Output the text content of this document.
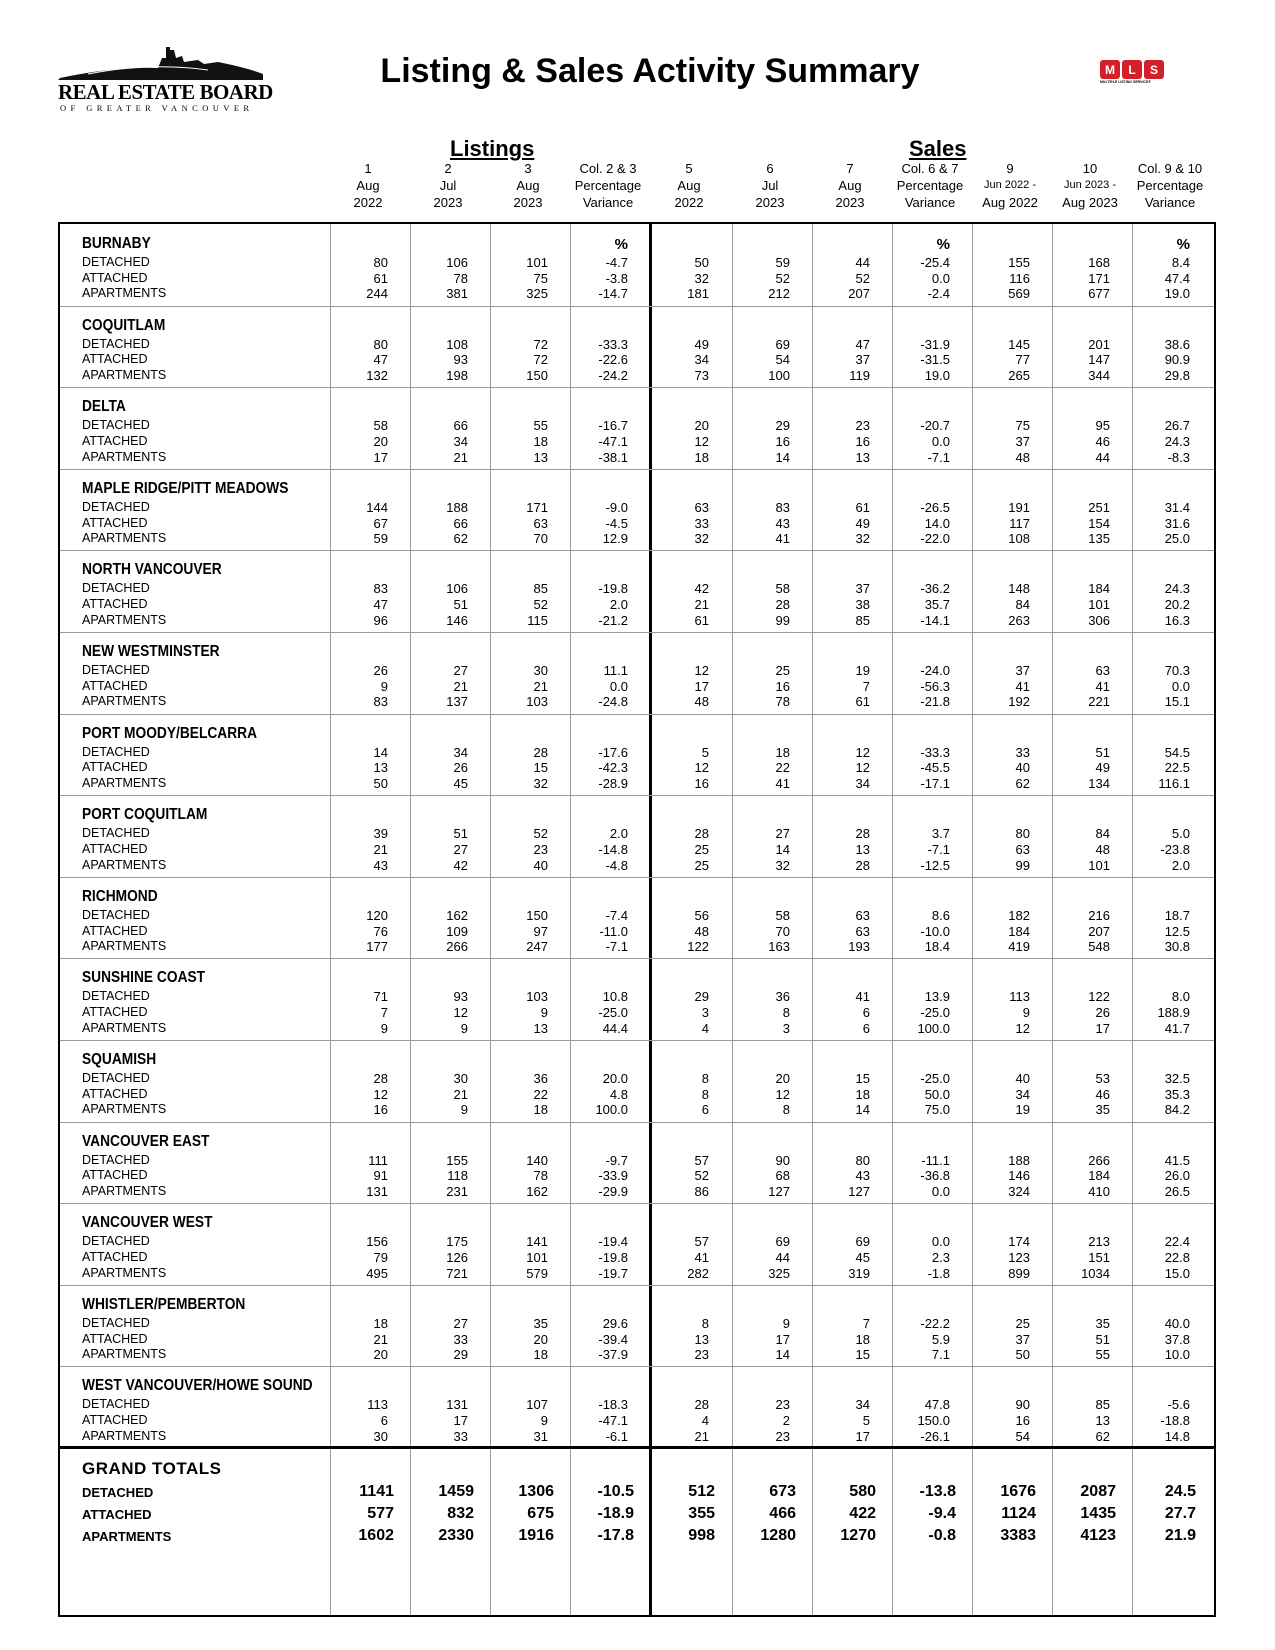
REAL ESTATE BOARD
OF GREATER VANCOUVER
Listing & Sales Activity Summary	M	L	S
MULTIPLE LISTING SERVICE®
Listings	Sales
1
Aug
2022
2
Jul
2023
3
Aug
2023
Col. 2 & 3
Percentage
Variance
5
Aug
2022
6
Jul
2023
7
Aug
2023
Col. 6 & 7
Percentage
Variance
9
Jun 2022 -
Aug 2022
10
Jun 2023 -
Aug 2023
Col. 9 & 10
Percentage
Variance
BURNABY	%	%	%
DETACHED	80	106	101	-4.7	50	59	44	-25.4	155	168	8.4
ATTACHED	61	78	75	-3.8	32	52	52	0.0	116	171	47.4
APARTMENTS	244	381	325	-14.7	181	212	207	-2.4	569	677	19.0
COQUITLAM
DETACHED	80	108	72	-33.3	49	69	47	-31.9	145	201	38.6
ATTACHED	47	93	72	-22.6	34	54	37	-31.5	77	147	90.9
APARTMENTS	132	198	150	-24.2	73	100	119	19.0	265	344	29.8
DELTA
DETACHED	58	66	55	-16.7	20	29	23	-20.7	75	95	26.7
ATTACHED	20	34	18	-47.1	12	16	16	0.0	37	46	24.3
APARTMENTS	17	21	13	-38.1	18	14	13	-7.1	48	44	-8.3
MAPLE RIDGE/PITT MEADOWS
DETACHED	144	188	171	-9.0	63	83	61	-26.5	191	251	31.4
ATTACHED	67	66	63	-4.5	33	43	49	14.0	117	154	31.6
APARTMENTS	59	62	70	12.9	32	41	32	-22.0	108	135	25.0
NORTH VANCOUVER
DETACHED	83	106	85	-19.8	42	58	37	-36.2	148	184	24.3
ATTACHED	47	51	52	2.0	21	28	38	35.7	84	101	20.2
APARTMENTS	96	146	115	-21.2	61	99	85	-14.1	263	306	16.3
NEW WESTMINSTER
DETACHED	26	27	30	11.1	12	25	19	-24.0	37	63	70.3
ATTACHED	9	21	21	0.0	17	16	7	-56.3	41	41	0.0
APARTMENTS	83	137	103	-24.8	48	78	61	-21.8	192	221	15.1
PORT MOODY/BELCARRA
DETACHED	14	34	28	-17.6	5	18	12	-33.3	33	51	54.5
ATTACHED	13	26	15	-42.3	12	22	12	-45.5	40	49	22.5
APARTMENTS	50	45	32	-28.9	16	41	34	-17.1	62	134	116.1
PORT COQUITLAM
DETACHED	39	51	52	2.0	28	27	28	3.7	80	84	5.0
ATTACHED	21	27	23	-14.8	25	14	13	-7.1	63	48	-23.8
APARTMENTS	43	42	40	-4.8	25	32	28	-12.5	99	101	2.0
RICHMOND
DETACHED	120	162	150	-7.4	56	58	63	8.6	182	216	18.7
ATTACHED	76	109	97	-11.0	48	70	63	-10.0	184	207	12.5
APARTMENTS	177	266	247	-7.1	122	163	193	18.4	419	548	30.8
SUNSHINE COAST
DETACHED	71	93	103	10.8	29	36	41	13.9	113	122	8.0
ATTACHED	7	12	9	-25.0	3	8	6	-25.0	9	26	188.9
APARTMENTS	9	9	13	44.4	4	3	6	100.0	12	17	41.7
SQUAMISH
DETACHED	28	30	36	20.0	8	20	15	-25.0	40	53	32.5
ATTACHED	12	21	22	4.8	8	12	18	50.0	34	46	35.3
APARTMENTS	16	9	18	100.0	6	8	14	75.0	19	35	84.2
VANCOUVER EAST
DETACHED	111	155	140	-9.7	57	90	80	-11.1	188	266	41.5
ATTACHED	91	118	78	-33.9	52	68	43	-36.8	146	184	26.0
APARTMENTS	131	231	162	-29.9	86	127	127	0.0	324	410	26.5
VANCOUVER WEST
DETACHED	156	175	141	-19.4	57	69	69	0.0	174	213	22.4
ATTACHED	79	126	101	-19.8	41	44	45	2.3	123	151	22.8
APARTMENTS	495	721	579	-19.7	282	325	319	-1.8	899	1034	15.0
WHISTLER/PEMBERTON
DETACHED	18	27	35	29.6	8	9	7	-22.2	25	35	40.0
ATTACHED	21	33	20	-39.4	13	17	18	5.9	37	51	37.8
APARTMENTS	20	29	18	-37.9	23	14	15	7.1	50	55	10.0
WEST VANCOUVER/HOWE SOUND
DETACHED	113	131	107	-18.3	28	23	34	47.8	90	85	-5.6
ATTACHED	6	17	9	-47.1	4	2	5	150.0	16	13	-18.8
APARTMENTS	30	33	31	-6.1	21	23	17	-26.1	54	62	14.8
GRAND TOTALS
DETACHED	1141	1459	1306	-10.5	512	673	580	-13.8	1676	2087	24.5
ATTACHED	577	832	675	-18.9	355	466	422	-9.4	1124	1435	27.7
APARTMENTS	1602	2330	1916	-17.8	998	1280	1270	-0.8	3383	4123	21.9
